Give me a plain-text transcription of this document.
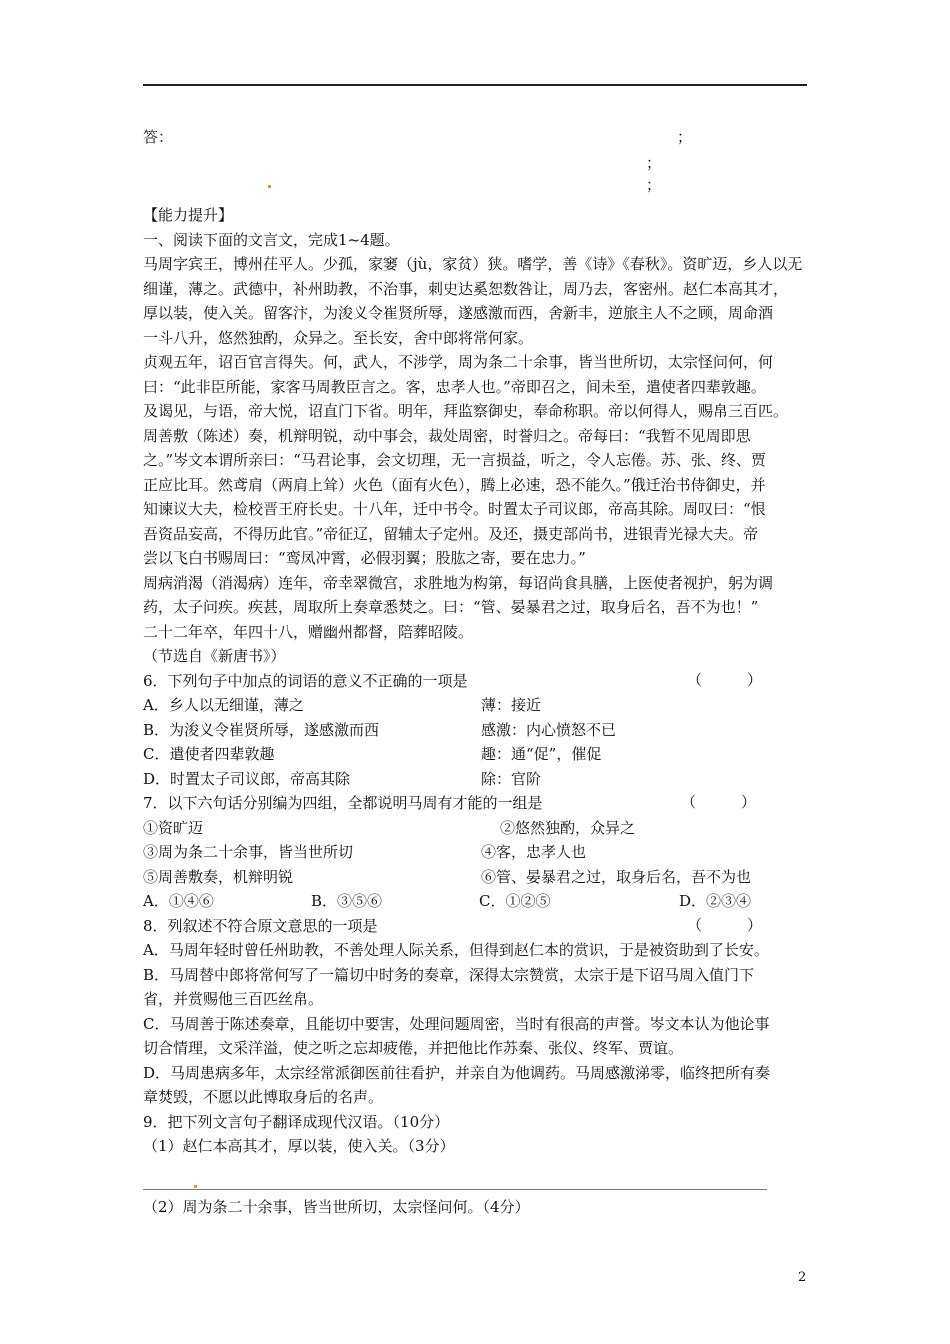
答：	；
；
；

【能力提升】

一、阅读下面的文言文，完成1~4题。

马周字宾王，博州茌平人。少孤，家窭（jù，家贫）狭。嗜学，善《诗》《春秋》。资旷迈，乡人以无

细谨，薄之。武德中，补州助教，不治事，刺史达奚恕数咎让，周乃去，客密州。赵仁本高其才，

厚以装，使入关。留客汴，为浚义令崔贤所辱，遂感激而西，舍新丰，逆旅主人不之顾，周命酒

一斗八升，悠然独酌，众异之。至长安，舍中郎将常何家。

贞观五年，诏百官言得失。何，武人，不涉学，周为条二十余事，皆当世所切，太宗怪问何，何

曰：“此非臣所能，家客马周教臣言之。客，忠孝人也。”帝即召之，间未至，遣使者四辈敦趣。

及谒见，与语，帝大悦，诏直门下省。明年，拜监察御史，奉命称职。帝以何得人，赐帛三百匹。

周善敷（陈述）奏，机辩明锐，动中事会，裁处周密，时誉归之。帝每曰：“我暂不见周即思

之。”岑文本谓所亲曰：“马君论事，会文切理，无一言损益，听之，令人忘倦。苏、张、终、贾

正应比耳。然鸢肩（两肩上耸）火色（面有火色），腾上必速，恐不能久。”俄迁治书侍御史，并

知谏议大夫，检校晋王府长史。十八年，迁中书令。时置太子司议郎，帝高其除。周叹曰：“恨

吾资品妄高，不得历此官。”帝征辽，留辅太子定州。及还，摄吏部尚书，进银青光禄大夫。帝

尝以飞白书赐周曰：“鸾凤冲霄，必假羽翼；股肱之寄，要在忠力。”

周病消渴（消渴病）连年，帝幸翠微宫，求胜地为构第，每诏尚食具膳，上医使者视护，躬为调

药，太子问疾。疾甚，周取所上奏章悉焚之。曰：“管、晏暴君之过，取身后名，吾不为也！”

二十二年卒，年四十八，赠幽州都督，陪葬昭陵。

（节选自《新唐书》）

6．下列句子中加点的词语的意义不正确的一项是	（　　　）
A．乡人以无细谨，薄之	薄：接近
B．为浚义令崔贤所辱，遂感激而西	感激：内心愤怒不已
C．遣使者四辈敦趣	趣：通“促”，催促
D．时置太子司议郎，帝高其除	除：官阶

7．以下六句话分别编为四组，全都说明马周有才能的一组是	（　　　）
①资旷迈	②悠然独酌，众异之
③周为条二十余事，皆当世所切	④客，忠孝人也
⑤周善敷奏，机辩明锐	⑥管、晏暴君之过，取身后名，吾不为也
A．①④⑥	B．③⑤⑥	C．①②⑤	D．②③④

8．列叙述不符合原文意思的一项是	（　　　）

A．马周年轻时曾任州助教，不善处理人际关系，但得到赵仁本的赏识，于是被资助到了长安。

B．马周替中郎将常何写了一篇切中时务的奏章，深得太宗赞赏，太宗于是下诏马周入值门下

省，并赏赐他三百匹丝帛。

C．马周善于陈述奏章，且能切中要害，处理问题周密，当时有很高的声誉。岑文本认为他论事

切合情理，文采洋溢，使之听之忘却疲倦，并把他比作苏秦、张仪、终军、贾谊。

D．马周患病多年，太宗经常派御医前往看护，并亲自为他调药。马周感激涕零，临终把所有奏

章焚毁，不愿以此博取身后的名声。

9．把下列文言句子翻译成现代汉语。（10分）

（1）赵仁本高其才，厚以装，使入关。（3分）

（2）周为条二十余事，皆当世所切，太宗怪问何。（4分）
2
